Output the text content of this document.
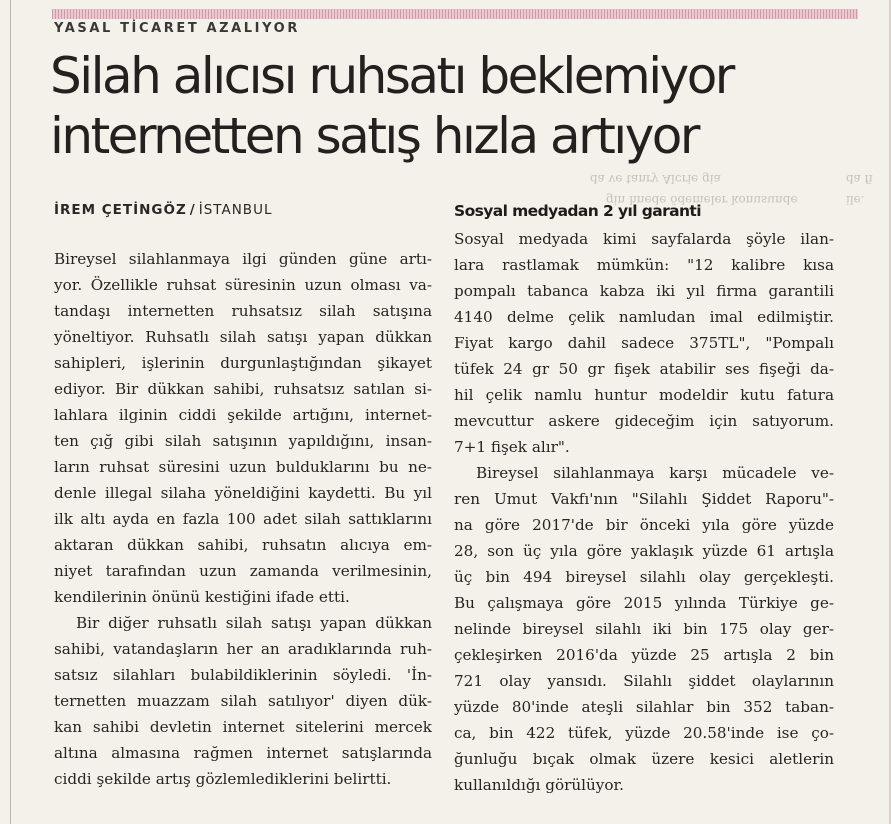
YASAL TİCARET AZALIYOR
Silah alıcısı ruhsatı beklemiyor
internetten satış hızla artıyor
da ve tanry Alcrie gia
gin hnede ödemeler konusunde
da fi
ile.
İREM ÇETİNGÖZ / İSTANBUL	Sosyal medyadan 2 yıl garanti
Bireysel silahlanmaya ilgi günden güne artı-
yor. Özellikle ruhsat süresinin uzun olması va-
tandaşı internetten ruhsatsız silah satışına
yöneltiyor. Ruhsatlı silah satışı yapan dükkan
sahipleri, işlerinin durgunlaştığından şikayet
ediyor. Bir dükkan sahibi, ruhsatsız satılan si-
lahlara ilginin ciddi şekilde artığını, internet-
ten çığ gibi silah satışının yapıldığını, insan-
ların ruhsat süresini uzun bulduklarını bu ne-
denle illegal silaha yöneldiğini kaydetti. Bu yıl
ilk altı ayda en fazla 100 adet silah sattıklarını
aktaran dükkan sahibi, ruhsatın alıcıya em-
niyet tarafından uzun zamanda verilmesinin,
kendilerinin önünü kestiğini ifade etti.
Bir diğer ruhsatlı silah satışı yapan dükkan
sahibi, vatandaşların her an aradıklarında ruh-
satsız silahları bulabildiklerinin söyledi. 'İn-
ternetten muazzam silah satılıyor' diyen dük-
kan sahibi devletin internet sitelerini mercek
altına almasına rağmen internet satışlarında
ciddi şekilde artış gözlemlediklerini belirtti.
Sosyal medyada kimi sayfalarda şöyle ilan-
lara rastlamak mümkün: "12 kalibre kısa
pompalı tabanca kabza iki yıl firma garantili
4140 delme çelik namludan imal edilmiştir.
Fiyat kargo dahil sadece 375TL", "Pompalı
tüfek 24 gr 50 gr fişek atabilir ses fişeği da-
hil çelik namlu huntur modeldir kutu fatura
mevcuttur askere gideceğim için satıyorum.
7+1 fişek alır".
Bireysel silahlanmaya karşı mücadele ve-
ren Umut Vakfı'nın "Silahlı Şiddet Raporu"-
na göre 2017'de bir önceki yıla göre yüzde
28, son üç yıla göre yaklaşık yüzde 61 artışla
üç bin 494 bireysel silahlı olay gerçekleşti.
Bu çalışmaya göre 2015 yılında Türkiye ge-
nelinde bireysel silahlı iki bin 175 olay ger-
çekleşirken 2016'da yüzde 25 artışla 2 bin
721 olay yansıdı. Silahlı şiddet olaylarının
yüzde 80'inde ateşli silahlar bin 352 taban-
ca, bin 422 tüfek, yüzde 20.58'inde ise ço-
ğunluğu bıçak olmak üzere kesici aletlerin
kullanıldığı görülüyor.
